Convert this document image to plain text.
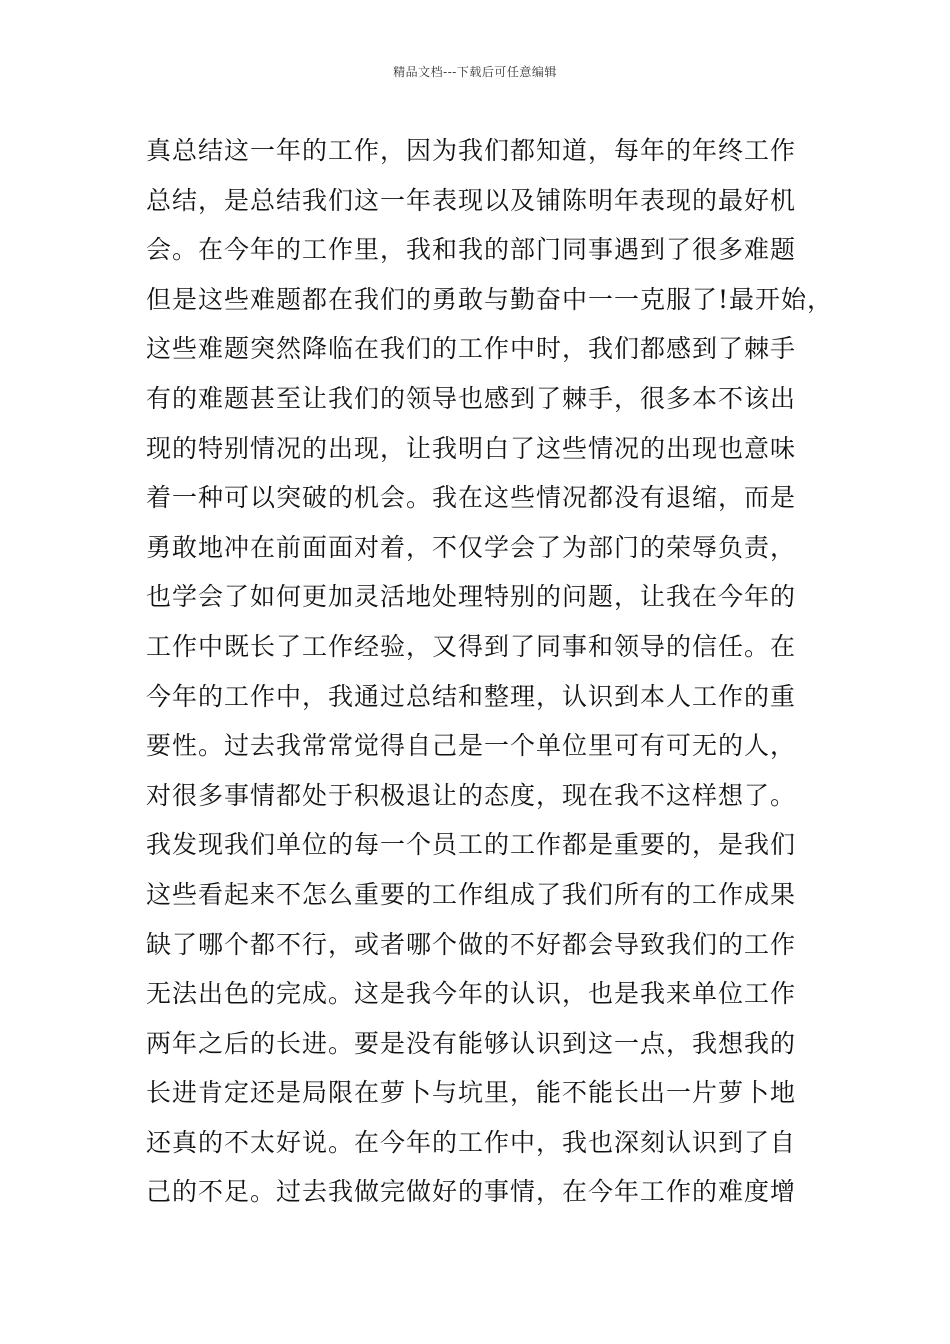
精品文档---下载后可任意编辑
真总结这一年的工作，因为我们都知道，每年的年终工作
总结，是总结我们这一年表现以及铺陈明年表现的最好机
会。在今年的工作里，我和我的部门同事遇到了很多难题
但是这些难题都在我们的勇敢与勤奋中一一克服了!最开始，
这些难题突然降临在我们的工作中时，我们都感到了棘手
有的难题甚至让我们的领导也感到了棘手，很多本不该出
现的特别情况的出现，让我明白了这些情况的出现也意味
着一种可以突破的机会。我在这些情况都没有退缩，而是
勇敢地冲在前面面对着，不仅学会了为部门的荣辱负责，
也学会了如何更加灵活地处理特别的问题，让我在今年的
工作中既长了工作经验，又得到了同事和领导的信任。在
今年的工作中，我通过总结和整理，认识到本人工作的重
要性。过去我常常觉得自己是一个单位里可有可无的人，
对很多事情都处于积极退让的态度，现在我不这样想了。
我发现我们单位的每一个员工的工作都是重要的，是我们
这些看起来不怎么重要的工作组成了我们所有的工作成果
缺了哪个都不行，或者哪个做的不好都会导致我们的工作
无法出色的完成。这是我今年的认识，也是我来单位工作
两年之后的长进。要是没有能够认识到这一点，我想我的
长进肯定还是局限在萝卜与坑里，能不能长出一片萝卜地
还真的不太好说。在今年的工作中，我也深刻认识到了自
己的不足。过去我做完做好的事情，在今年工作的难度增
